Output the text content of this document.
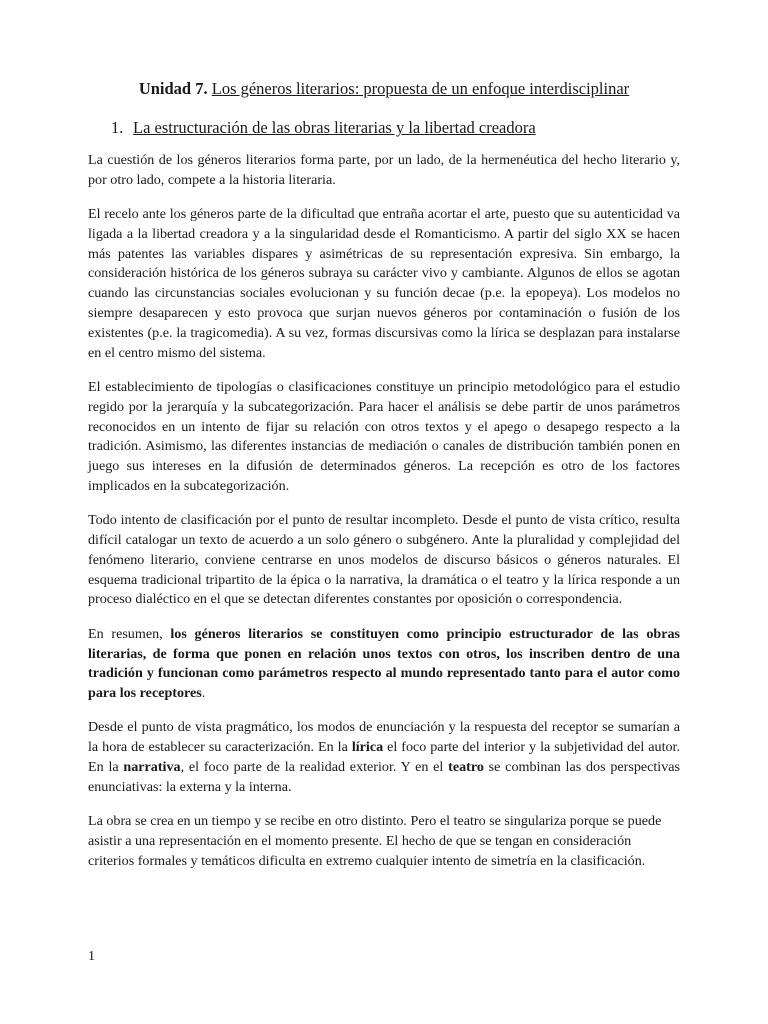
Unidad 7. Los géneros literarios: propuesta de un enfoque interdisciplinar
1. La estructuración de las obras literarias y la libertad creadora

La cuestión de los géneros literarios forma parte, por un lado, de la hermenéutica del hecho literario y, por otro lado, compete a la historia literaria.

El recelo ante los géneros parte de la dificultad que entraña acortar el arte, puesto que su autenticidad va ligada a la libertad creadora y a la singularidad desde el Romanticismo. A partir del siglo XX se hacen más patentes las variables dispares y asimétricas de su representación expresiva. Sin embargo, la consideración histórica de los géneros subraya su carácter vivo y cambiante. Algunos de ellos se agotan cuando las circunstancias sociales evolucionan y su función decae (p.e. la epopeya). Los modelos no siempre desaparecen y esto provoca que surjan nuevos géneros por contaminación o fusión de los existentes (p.e. la tragicomedia). A su vez, formas discursivas como la lírica se desplazan para instalarse en el centro mismo del sistema.

El establecimiento de tipologías o clasificaciones constituye un principio metodológico para el estudio regido por la jerarquía y la subcategorización. Para hacer el análisis se debe partir de unos parámetros reconocidos en un intento de fijar su relación con otros textos y el apego o desapego respecto a la tradición. Asimismo, las diferentes instancias de mediación o canales de distribución también ponen en juego sus intereses en la difusión de determinados géneros. La recepción es otro de los factores implicados en la subcategorización.

Todo intento de clasificación por el punto de resultar incompleto. Desde el punto de vista crítico, resulta difícil catalogar un texto de acuerdo a un solo género o subgénero. Ante la pluralidad y complejidad del fenómeno literario, conviene centrarse en unos modelos de discurso básicos o géneros naturales. El esquema tradicional tripartito de la épica o la narrativa, la dramática o el teatro y la lírica responde a un proceso dialéctico en el que se detectan diferentes constantes por oposición o correspondencia.

En resumen, los géneros literarios se constituyen como principio estructurador de las obras literarias, de forma que ponen en relación unos textos con otros, los inscriben dentro de una tradición y funcionan como parámetros respecto al mundo representado tanto para el autor como para los receptores.

Desde el punto de vista pragmático, los modos de enunciación y la respuesta del receptor se sumarían a la hora de establecer su caracterización. En la lírica el foco parte del interior y la subjetividad del autor. En la narrativa, el foco parte de la realidad exterior. Y en el teatro se combinan las dos perspectivas enunciativas: la externa y la interna.

La obra se crea en un tiempo y se recibe en otro distinto. Pero el teatro se singulariza porque se puede asistir a una representación en el momento presente. El hecho de que se tengan en consideración criterios formales y temáticos dificulta en extremo cualquier intento de simetría en la clasificación.

1
